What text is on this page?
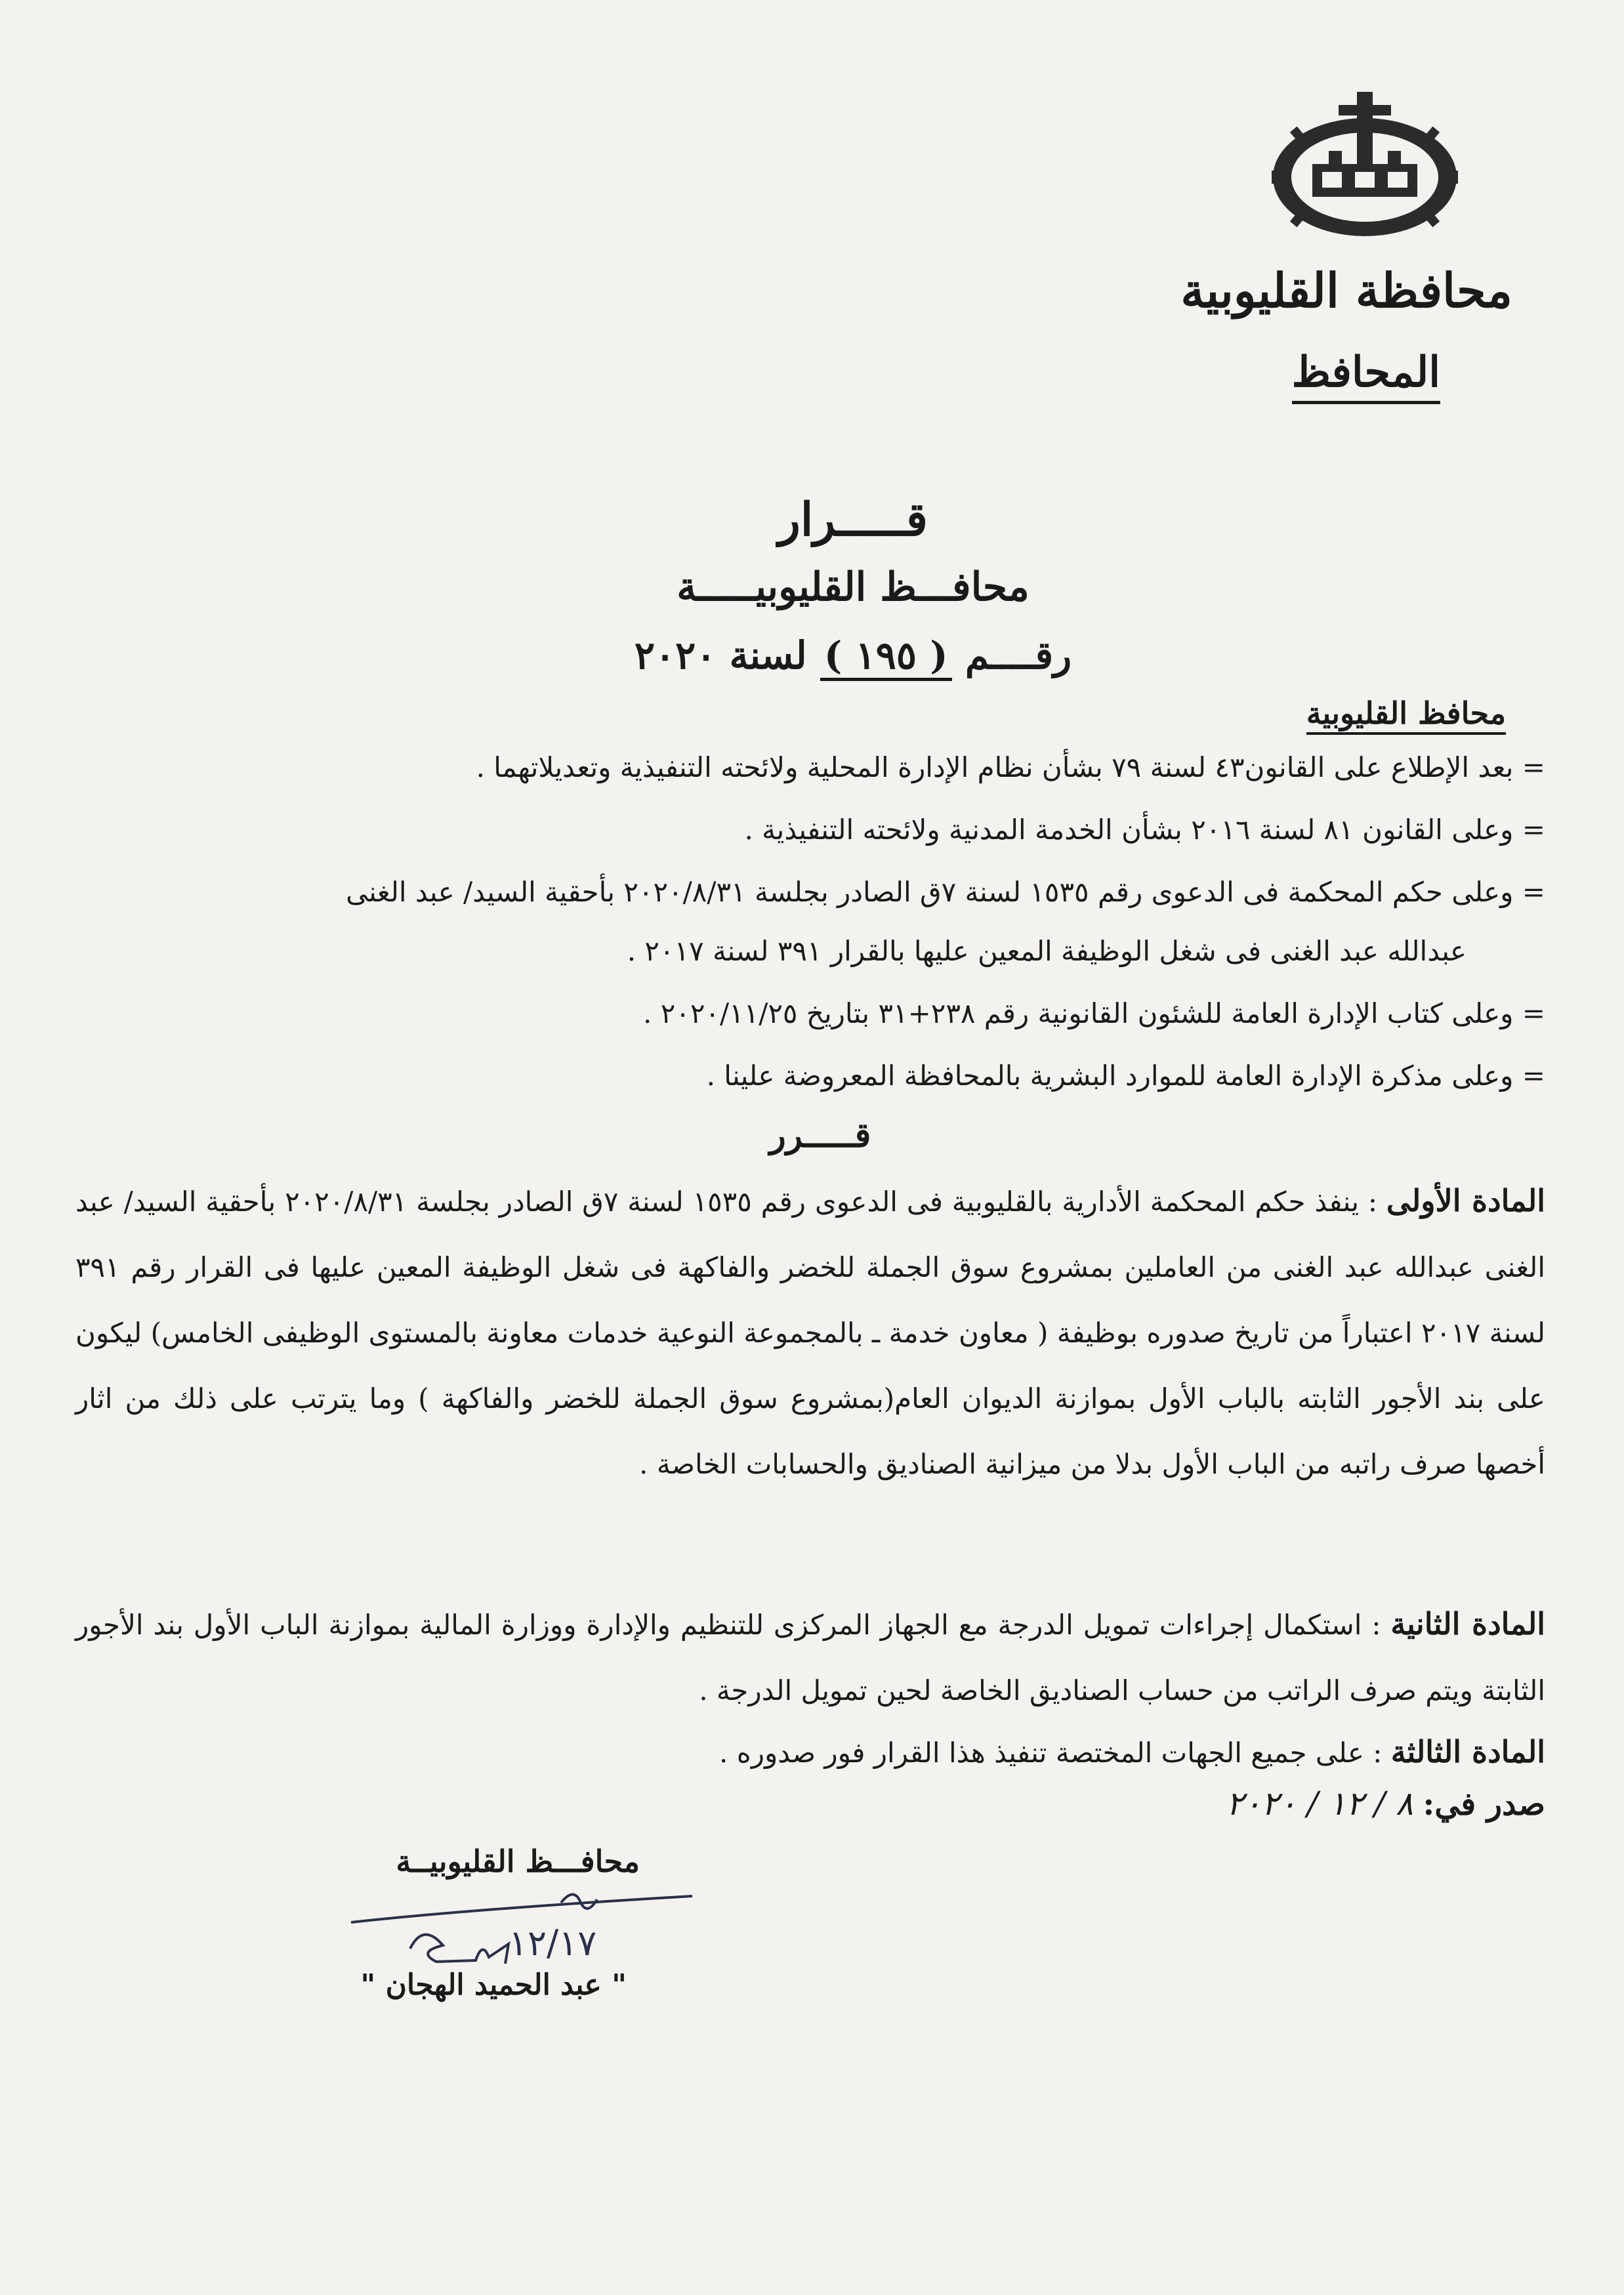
محافظة القليوبية
المحافظ
قـــــرار
محافـــظ القليوبيـــــة
رقــــم ( ١٩٥ ) لسنة ٢٠٢٠
محافظ القليوبية
= بعد الإطلاع على القانون٤٣ لسنة ٧٩ بشأن نظام الإدارة المحلية ولائحته التنفيذية وتعديلاتهما .
= وعلى القانون ٨١ لسنة ٢٠١٦ بشأن الخدمة المدنية ولائحته التنفيذية .
= وعلى حكم المحكمة فى الدعوى رقم ١٥٣٥ لسنة ٧ق الصادر بجلسة ٢٠٢٠/٨/٣١ بأحقية السيد/ عبد الغنى
عبدالله عبد الغنى فى شغل الوظيفة المعين عليها بالقرار ٣٩١ لسنة ٢٠١٧ .
= وعلى كتاب الإدارة العامة للشئون القانونية رقم ٢٣٨+٣١ بتاريخ ٢٠٢٠/١١/٢٥ .
= وعلى مذكرة الإدارة العامة للموارد البشرية بالمحافظة المعروضة علينا .
قـــــرر
المادة الأولى : ينفذ حكم المحكمة الأدارية بالقليوبية فى الدعوى رقم ١٥٣٥ لسنة ٧ق الصادر بجلسة ٢٠٢٠/٨/٣١ بأحقية السيد/ عبد الغنى عبدالله عبد الغنى من العاملين بمشروع سوق الجملة للخضر والفاكهة فى شغل الوظيفة المعين عليها فى القرار رقم ٣٩١ لسنة ٢٠١٧ اعتباراً من تاريخ صدوره بوظيفة ( معاون خدمة ـ بالمجموعة النوعية خدمات معاونة بالمستوى الوظيفى الخامس) ليكون على بند الأجور الثابته بالباب الأول بموازنة الديوان العام(بمشروع سوق الجملة للخضر والفاكهة ) وما يترتب على ذلك من اثار أخصها صرف راتبه من الباب الأول بدلا من ميزانية الصناديق والحسابات الخاصة .
المادة الثانية : استكمال إجراءات تمويل الدرجة مع الجهاز المركزى للتنظيم والإدارة ووزارة المالية بموازنة الباب الأول بند الأجور الثابتة ويتم صرف الراتب من حساب الصناديق الخاصة لحين تمويل الدرجة .
المادة الثالثة : على جميع الجهات المختصة تنفيذ هذا القرار فور صدوره .
صدر في: ٨ / ١٢ / ٢٠٢٠
محافـــظ القليوبيــة
١٢/١٧
" عبد الحميد الهجان "
